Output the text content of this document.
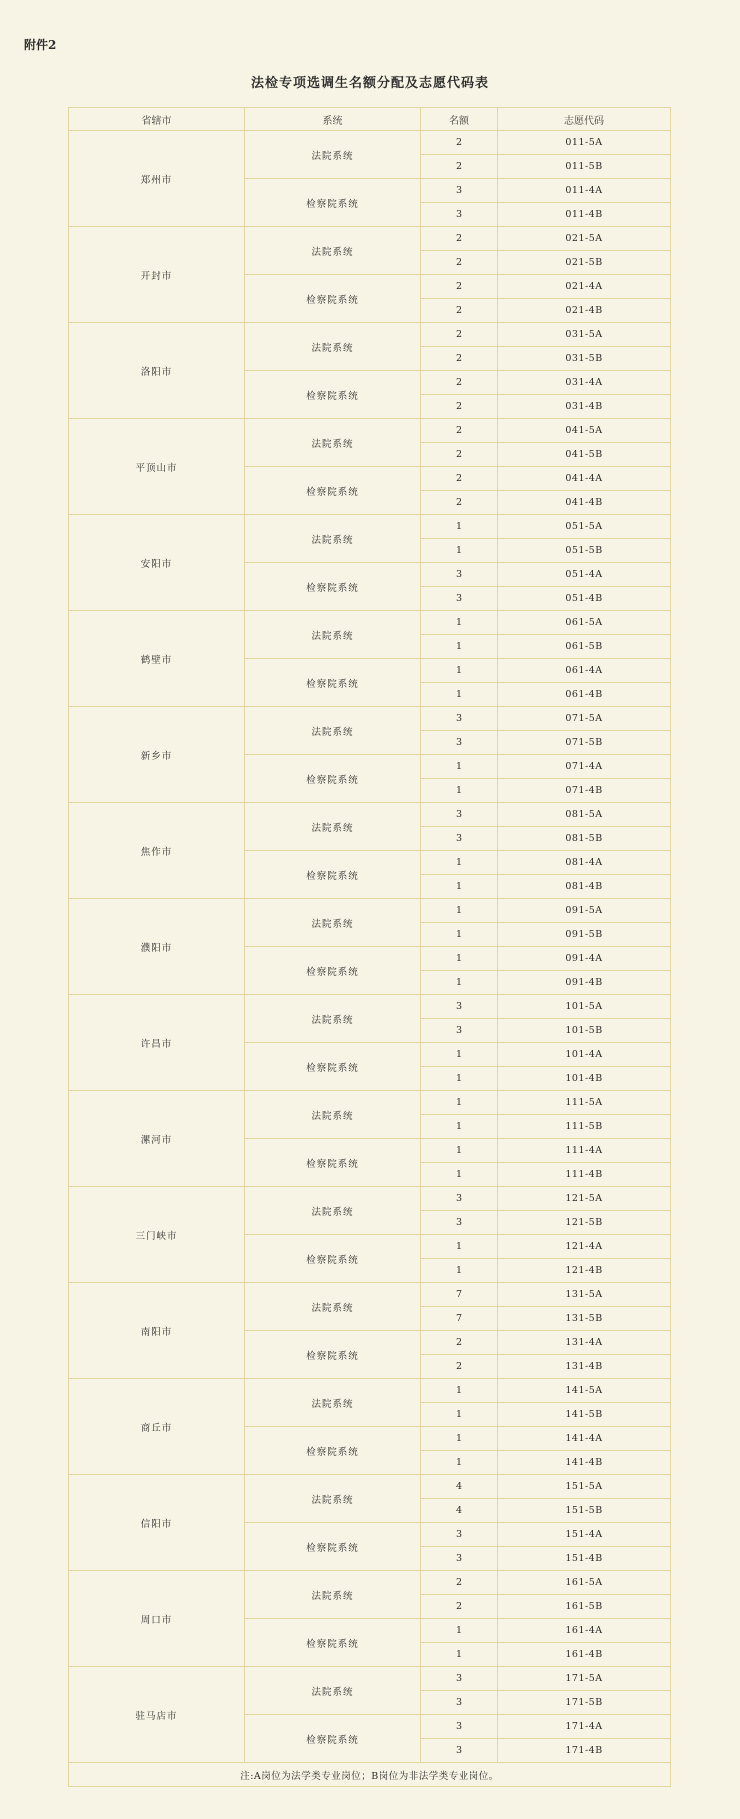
附件2
法检专项选调生名额分配及志愿代码表
省辖市	系统	名额	志愿代码
郑州市	法院系统	2	011-5A
		2	011-5B
	检察院系统	3	011-4A
		3	011-4B
开封市	法院系统	2	021-5A
		2	021-5B
	检察院系统	2	021-4A
		2	021-4B
洛阳市	法院系统	2	031-5A
		2	031-5B
	检察院系统	2	031-4A
		2	031-4B
平顶山市	法院系统	2	041-5A
		2	041-5B
	检察院系统	2	041-4A
		2	041-4B
安阳市	法院系统	1	051-5A
		1	051-5B
	检察院系统	3	051-4A
		3	051-4B
鹤壁市	法院系统	1	061-5A
		1	061-5B
	检察院系统	1	061-4A
		1	061-4B
新乡市	法院系统	3	071-5A
		3	071-5B
	检察院系统	1	071-4A
		1	071-4B
焦作市	法院系统	3	081-5A
		3	081-5B
	检察院系统	1	081-4A
		1	081-4B
濮阳市	法院系统	1	091-5A
		1	091-5B
	检察院系统	1	091-4A
		1	091-4B
许昌市	法院系统	3	101-5A
		3	101-5B
	检察院系统	1	101-4A
		1	101-4B
漯河市	法院系统	1	111-5A
		1	111-5B
	检察院系统	1	111-4A
		1	111-4B
三门峡市	法院系统	3	121-5A
		3	121-5B
	检察院系统	1	121-4A
		1	121-4B
南阳市	法院系统	7	131-5A
		7	131-5B
	检察院系统	2	131-4A
		2	131-4B
商丘市	法院系统	1	141-5A
		1	141-5B
	检察院系统	1	141-4A
		1	141-4B
信阳市	法院系统	4	151-5A
		4	151-5B
	检察院系统	3	151-4A
		3	151-4B
周口市	法院系统	2	161-5A
		2	161-5B
	检察院系统	1	161-4A
		1	161-4B
驻马店市	法院系统	3	171-5A
		3	171-5B
	检察院系统	3	171-4A
		3	171-4B
注:A岗位为法学类专业岗位；B岗位为非法学类专业岗位。			
